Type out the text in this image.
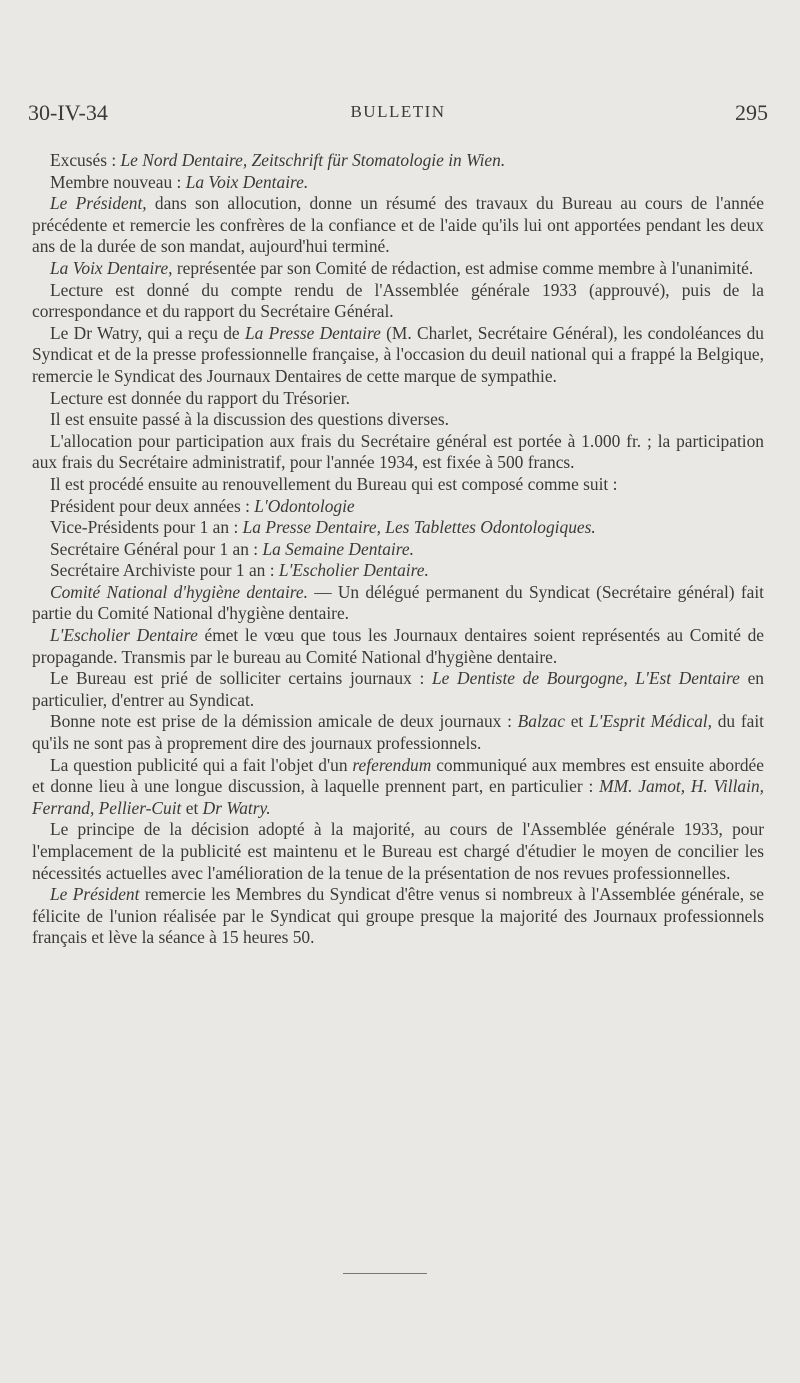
30-IV-34	BULLETIN	295

Excusés : Le Nord Dentaire, Zeitschrift für Stomatologie in Wien.

Membre nouveau : La Voix Dentaire.

Le Président, dans son allocution, donne un résumé des travaux du Bureau au cours de l'année précédente et remercie les confrères de la confiance et de l'aide qu'ils lui ont apportées pendant les deux ans de la durée de son mandat, aujourd'hui terminé.

La Voix Dentaire, représentée par son Comité de rédaction, est admise comme membre à l'unanimité.

Lecture est donné du compte rendu de l'Assemblée générale 1933 (approuvé), puis de la correspondance et du rapport du Secrétaire Général.

Le Dr Watry, qui a reçu de La Presse Dentaire (M. Charlet, Secrétaire Général), les condoléances du Syndicat et de la presse professionnelle française, à l'occasion du deuil national qui a frappé la Belgique, remercie le Syndicat des Journaux Dentaires de cette marque de sympathie.

Lecture est donnée du rapport du Trésorier.

Il est ensuite passé à la discussion des questions diverses.

L'allocation pour participation aux frais du Secrétaire général est portée à 1.000 fr. ; la participation aux frais du Secrétaire administratif, pour l'année 1934, est fixée à 500 francs.

Il est procédé ensuite au renouvellement du Bureau qui est composé comme suit :

Président pour deux années : L'Odontologie

Vice-Présidents pour 1 an : La Presse Dentaire, Les Tablettes Odontologiques.

Secrétaire Général pour 1 an : La Semaine Dentaire.

Secrétaire Archiviste pour 1 an : L'Escholier Dentaire.

Comité National d'hygiène dentaire. — Un délégué permanent du Syndicat (Secrétaire général) fait partie du Comité National d'hygiène dentaire.

L'Escholier Dentaire émet le vœu que tous les Journaux dentaires soient représentés au Comité de propagande. Transmis par le bureau au Comité National d'hygiène dentaire.

Le Bureau est prié de solliciter certains journaux : Le Dentiste de Bourgogne, L'Est Dentaire en particulier, d'entrer au Syndicat.

Bonne note est prise de la démission amicale de deux journaux : Balzac et L'Esprit Médical, du fait qu'ils ne sont pas à proprement dire des journaux professionnels.

La question publicité qui a fait l'objet d'un referendum communiqué aux membres est ensuite abordée et donne lieu à une longue discussion, à laquelle prennent part, en particulier : MM. Jamot, H. Villain, Ferrand, Pellier-Cuit et Dr Watry.

Le principe de la décision adopté à la majorité, au cours de l'Assemblée générale 1933, pour l'emplacement de la publicité est maintenu et le Bureau est chargé d'étudier le moyen de concilier les nécessités actuelles avec l'amélioration de la tenue de la présentation de nos revues professionnelles.

Le Président remercie les Membres du Syndicat d'être venus si nombreux à l'Assemblée générale, se félicite de l'union réalisée par le Syndicat qui groupe presque la majorité des Journaux professionnels français et lève la séance à 15 heures 50.
